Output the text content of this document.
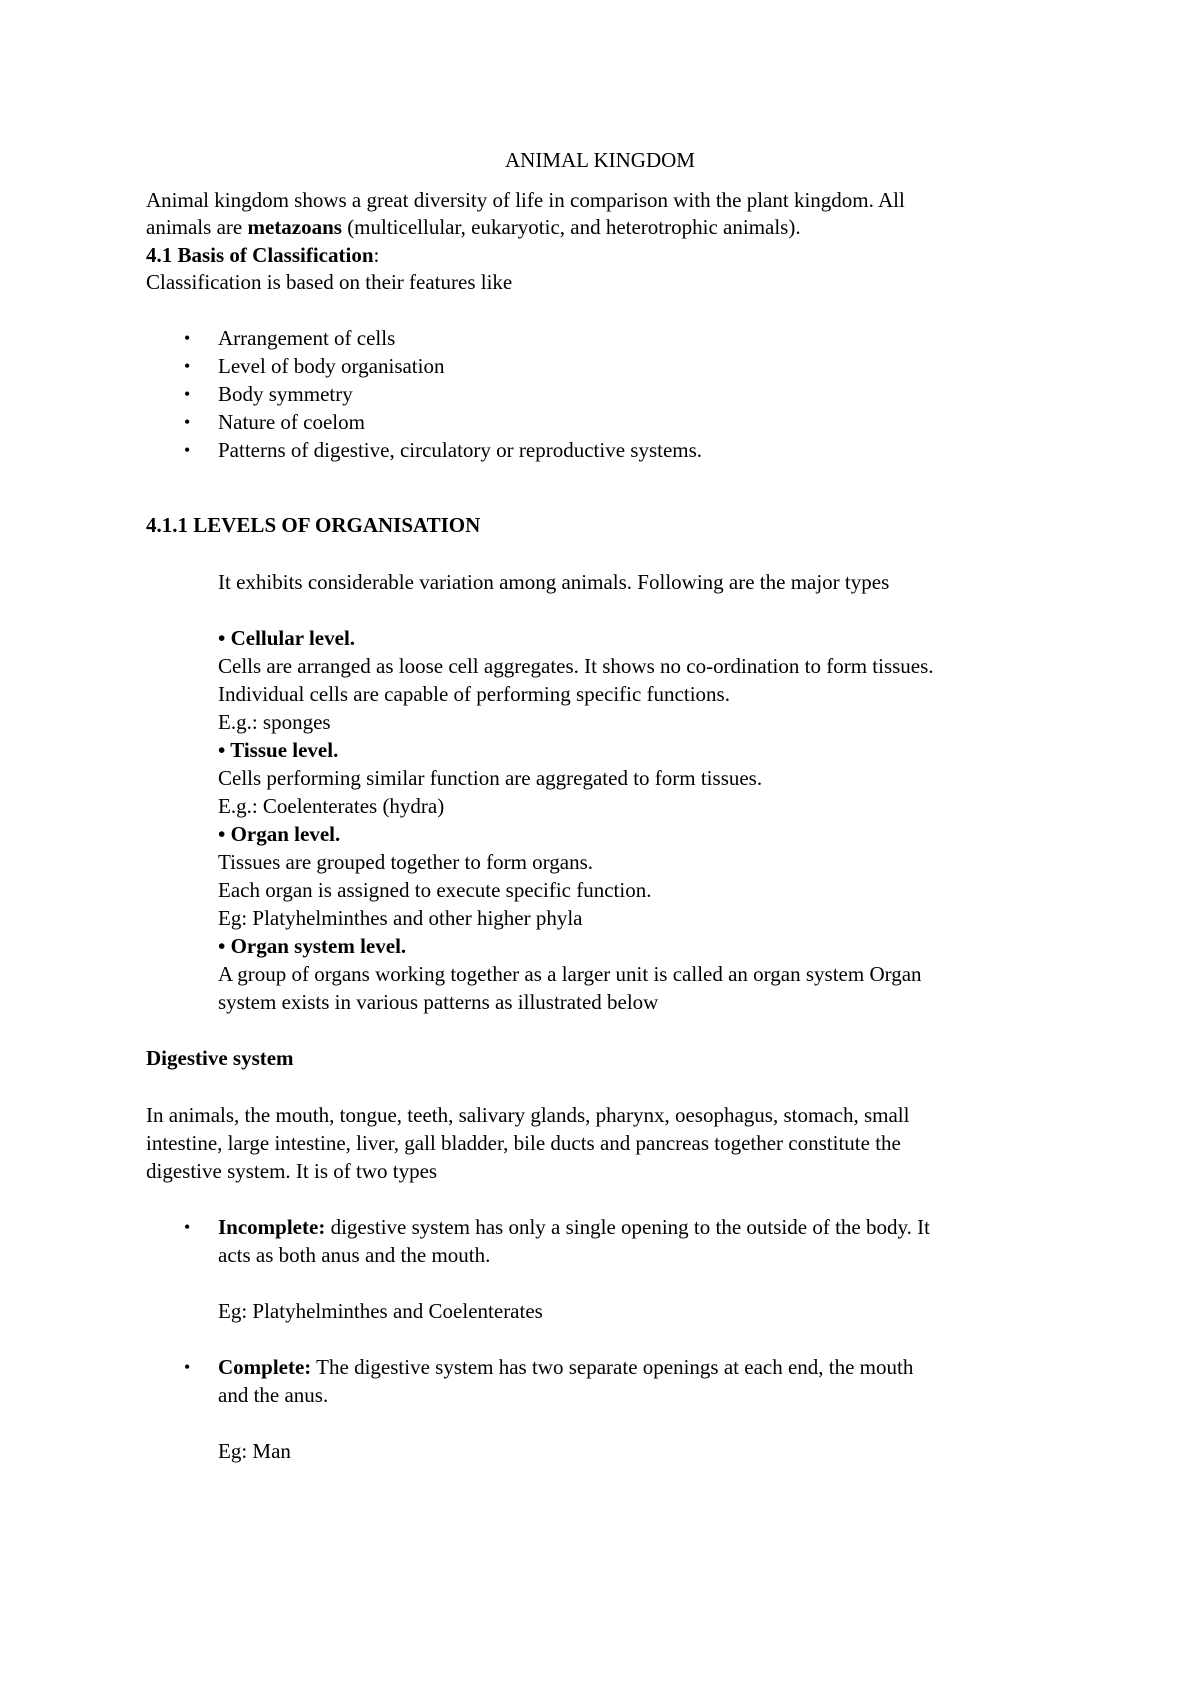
ANIMAL KINGDOM
Animal kingdom shows a great diversity of life in comparison with the plant kingdom. All
animals are metazoans (multicellular, eukaryotic, and heterotrophic animals).
4.1 Basis of Classification:
Classification is based on their features like
• Arrangement of cells
• Level of body organisation
• Body symmetry
• Nature of coelom
• Patterns of digestive, circulatory or reproductive systems.
4.1.1 LEVELS OF ORGANISATION
It exhibits considerable variation among animals. Following are the major types
• Cellular level.
Cells are arranged as loose cell aggregates. It shows no co-ordination to form tissues.
Individual cells are capable of performing specific functions.
E.g.: sponges
• Tissue level.
Cells performing similar function are aggregated to form tissues.
E.g.: Coelenterates (hydra)
• Organ level.
Tissues are grouped together to form organs.
Each organ is assigned to execute specific function.
Eg: Platyhelminthes and other higher phyla
• Organ system level.
A group of organs working together as a larger unit is called an organ system Organ
system exists in various patterns as illustrated below
Digestive system
In animals, the mouth, tongue, teeth, salivary glands, pharynx, oesophagus, stomach, small
intestine, large intestine, liver, gall bladder, bile ducts and pancreas together constitute the
digestive system. It is of two types
• Incomplete: digestive system has only a single opening to the outside of the body. It
acts as both anus and the mouth.
Eg: Platyhelminthes and Coelenterates
• Complete: The digestive system has two separate openings at each end, the mouth
and the anus.
Eg: Man
